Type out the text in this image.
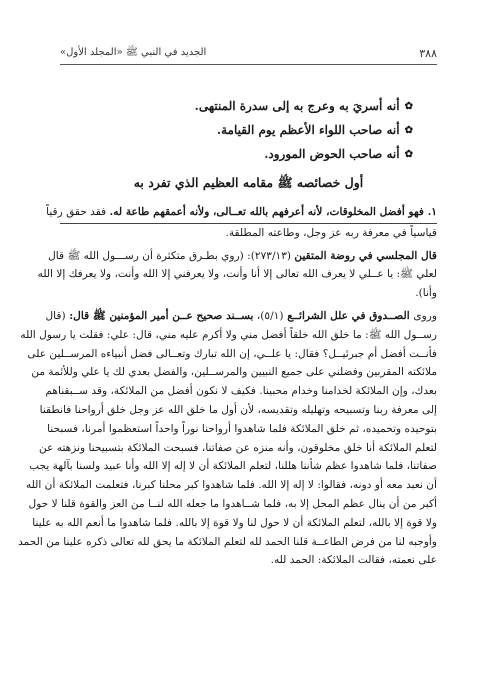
٣٨٨
الجديد في النبي ﷺ «المجلد الأول»
✿
أنه أسريَ به وعرج به إلى سدرة المنتهى.
✿
أنه صاحب اللواء الأعظم يوم القيامة.
✿
أنه صاحب الحوض المورود.
أول خصائصه ﷺ مقامه العظيم الذي تفرد به

١. فهو أفضل المخلوقات، لأنه أعرفهم بالله تعــالى، ولأنه أعمقهم طاعة له. فقد حقق رقياً
قياسياً في معرفة ربه عز وجل، وطاعته المطلقة.

قال المجلسي في روضة المتقين (٢٧٣/١٣): (روي بطـرق متكثرة أن رســـول الله ﷺ قال
لعلي ﷺ: يا عــلي لا يعرف الله تعالى إلا أنا وأنت، ولا يعرفني إلا الله وأنت، ولا يعرفك إلا الله
وأنا).

وروى الصــدوق في علل الشرائــع (٥/١)، بســند صحيح عــن أمير المؤمنين ﷺ قال: (قال
رســول الله ﷺ: ما خلق الله خلقاً أفضل مني ولا أكرم عليه مني، قال: علي: فقلت يا رسول الله
فأنــت أفضل أم جبرئيــل؟ فقال: يا علــي، إن الله تبارك وتعــالى فضل أنبياءه المرســلين على
ملائكته المقربين وفضلني على جميع النبيين والمرســلين، والفضل بعدي لك يا علي وللأئمة من
بعدك، وإن الملائكة لخدامنا وخدام محبينا. فكيف لا نكون أفضل من الملائكة، وقد ســبقناهم
إلى معرفة ربنا وتسبيحه وتهليله وتقديسه، لأن أول ما خلق الله عز وجل خلق أرواحنا فانطقنا
بتوحيده وتحميده، ثم خلق الملائكة فلما شاهدوا أرواحنا نوراً واحداً استعظموا أمرنا، فسبحنا
لتعلم الملائكة أنا خلق مخلوقون، وأنه منزه عن صفاتنا، فسبحت الملائكة بتسبيحنا ونزهته عن
صفاتنا، فلما شاهدوا عظم شأننا هللنا، لتعلم الملائكة أن لا إله إلا الله وأنا عبيد ولسنا بآلهة يجب
أن نعبد معه أو دونه، فقالوا: لا إله إلا الله. فلما شاهدوا كبر محلنا كبرنا، فتعلمت الملائكة أن الله
أكبر من أن ينال عظم المحل إلا به، فلما شــاهدوا ما جعله الله لنــا من العز والقوة قلنا لا حول
ولا قوة إلا بالله، لتعلم الملائكة أن لا حول لنا ولا قوة إلا بالله. فلما شاهدوا ما أنعم الله به علينا
وأوجبه لنا من فرض الطاعــة قلنا الحمد لله لتعلم الملائكة ما يحق لله تعالى ذكره علينا من الحمد
على نعمته، فقالت الملائكة: الحمد لله.
